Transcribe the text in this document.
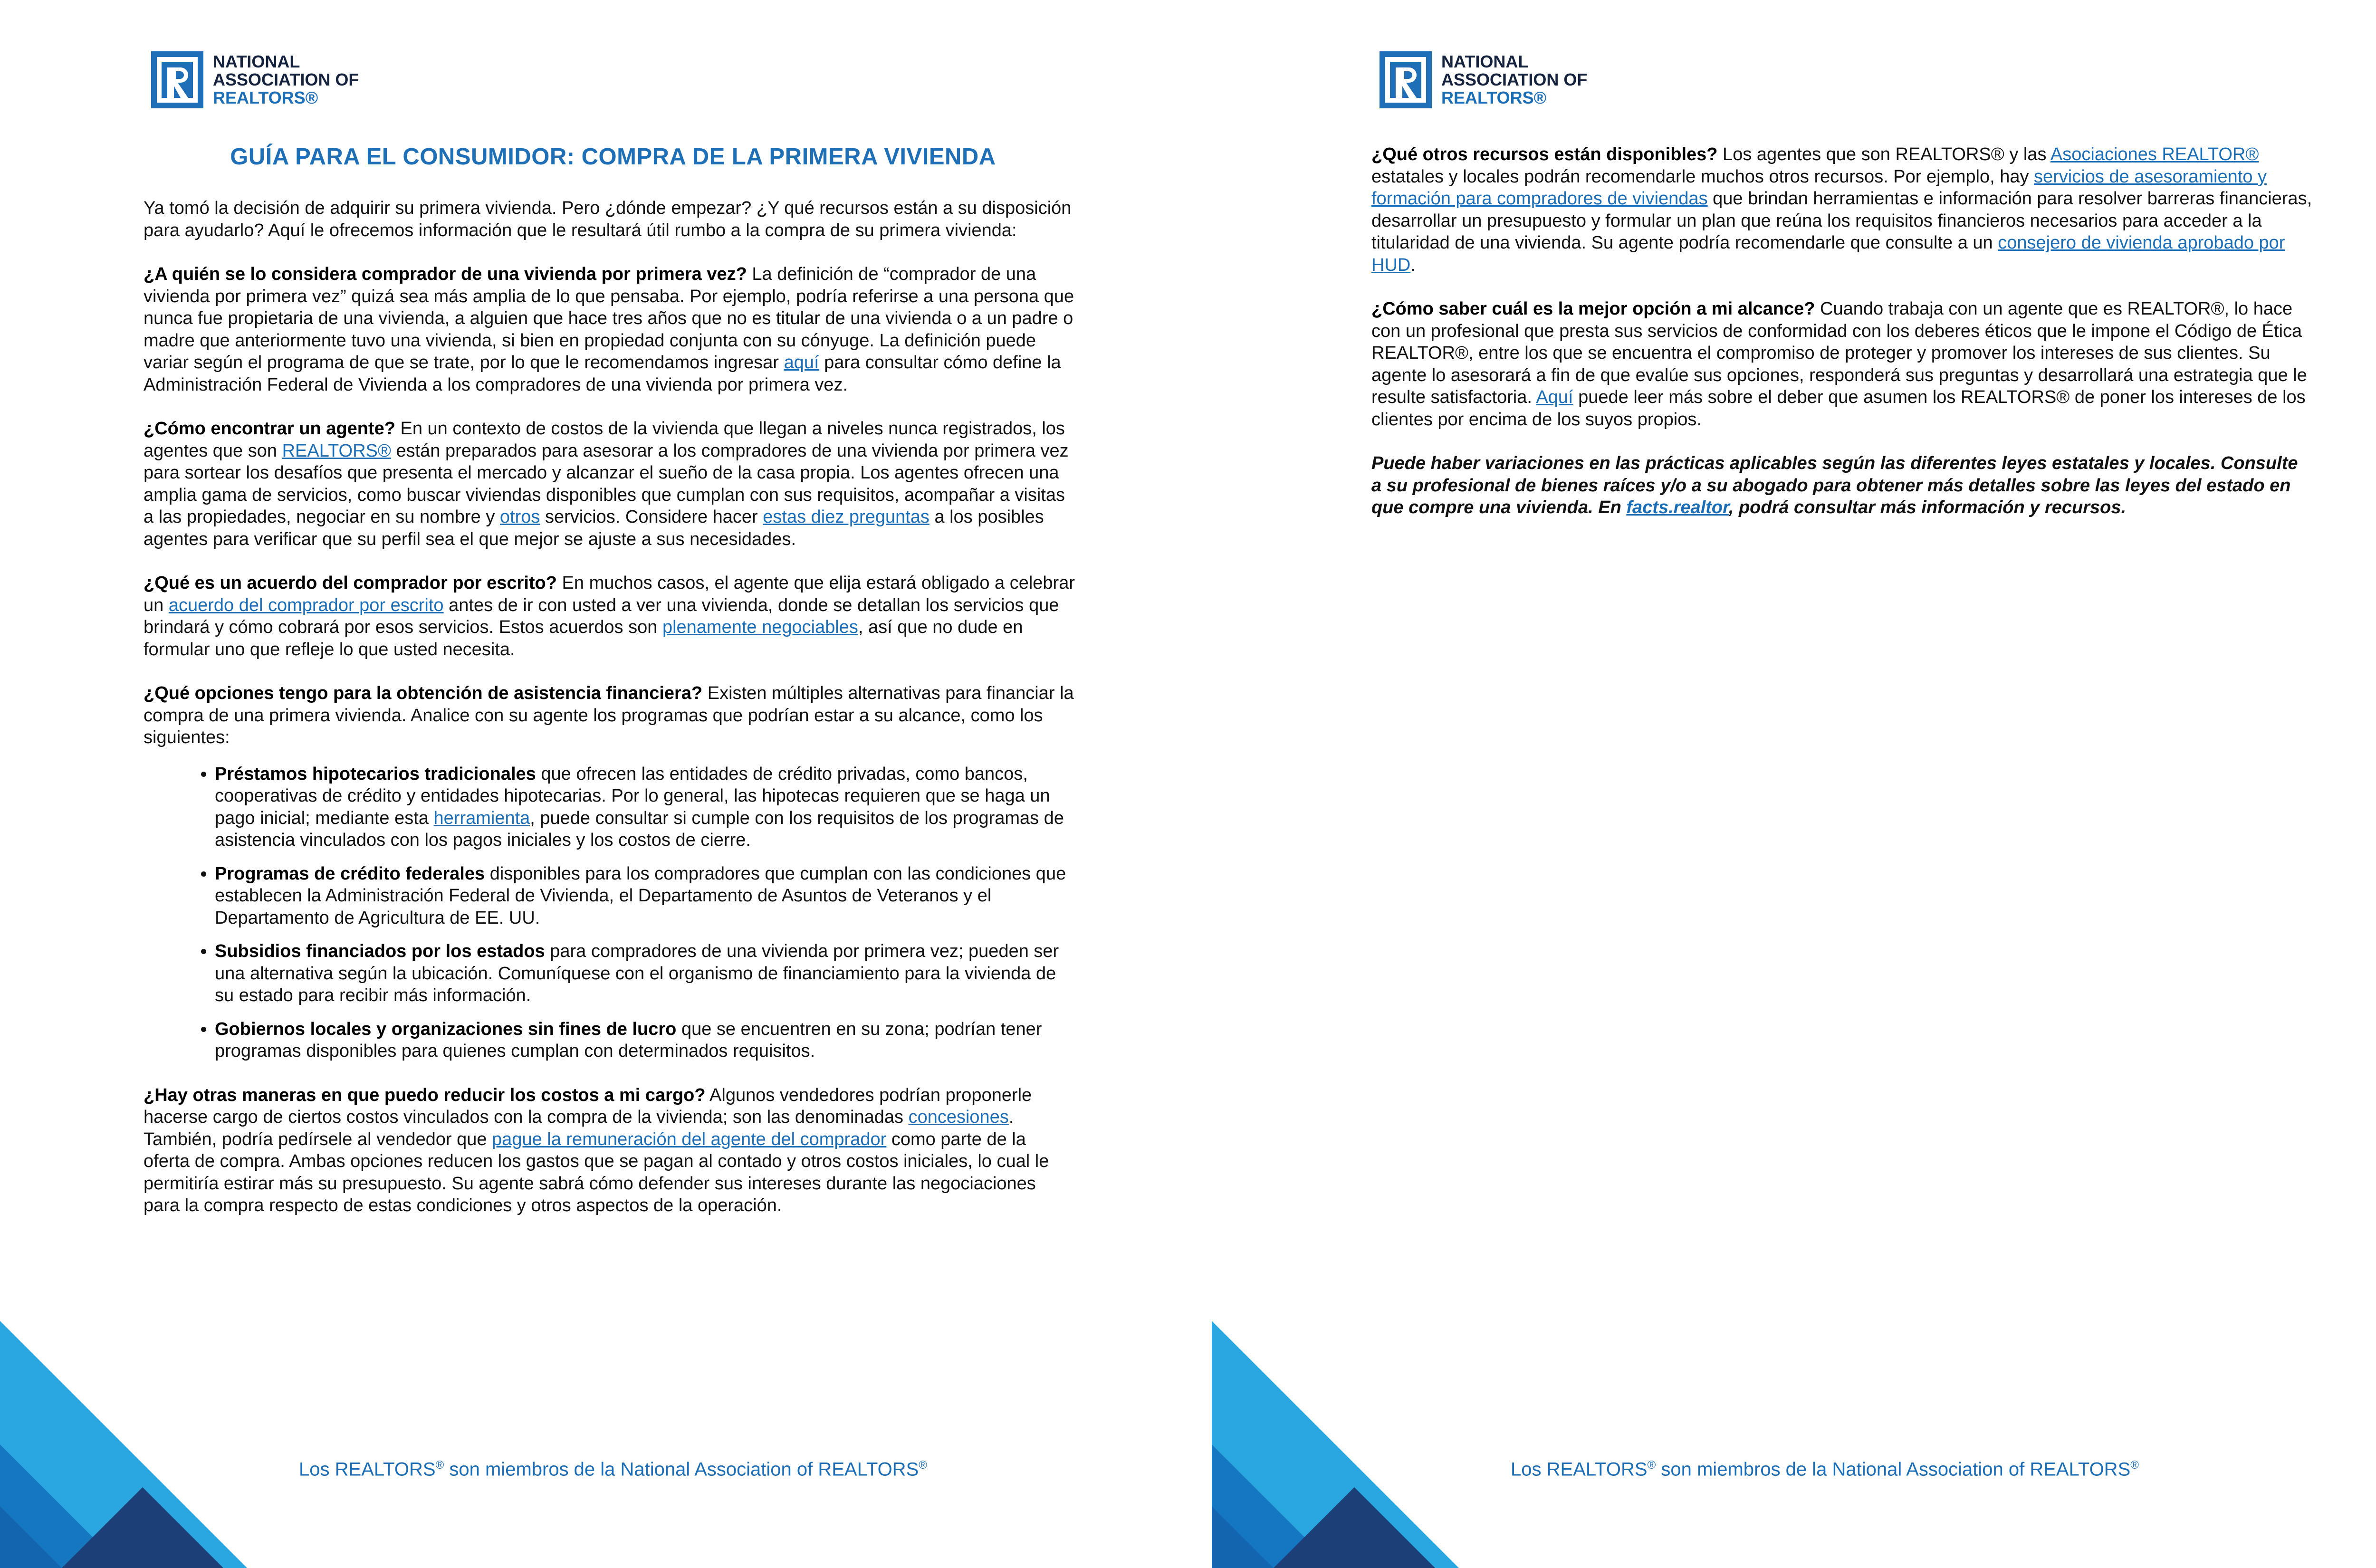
NATIONAL
ASSOCIATION OF
REALTORS®
GUÍA PARA EL CONSUMIDOR: COMPRA DE LA PRIMERA VIVIENDA

Ya tomó la decisión de adquirir su primera vivienda. Pero ¿dónde empezar? ¿Y qué recursos están a su disposición para ayudarlo? Aquí le ofrecemos información que le resultará útil rumbo a la compra de su primera vivienda:

¿A quién se lo considera comprador de una vivienda por primera vez? La definición de “comprador de una vivienda por primera vez” quizá sea más amplia de lo que pensaba. Por ejemplo, podría referirse a una persona que nunca fue propietaria de una vivienda, a alguien que hace tres años que no es titular de una vivienda o a un padre o madre que anteriormente tuvo una vivienda, si bien en propiedad conjunta con su cónyuge. La definición puede variar según el programa de que se trate, por lo que le recomendamos ingresar aquí para consultar cómo define la Administración Federal de Vivienda a los compradores de una vivienda por primera vez.

¿Cómo encontrar un agente? En un contexto de costos de la vivienda que llegan a niveles nunca registrados, los agentes que son REALTORS® están preparados para asesorar a los compradores de una vivienda por primera vez para sortear los desafíos que presenta el mercado y alcanzar el sueño de la casa propia. Los agentes ofrecen una amplia gama de servicios, como buscar viviendas disponibles que cumplan con sus requisitos, acompañar a visitas a las propiedades, negociar en su nombre y otros servicios. Considere hacer estas diez preguntas a los posibles agentes para verificar que su perfil sea el que mejor se ajuste a sus necesidades.

¿Qué es un acuerdo del comprador por escrito? En muchos casos, el agente que elija estará obligado a celebrar un acuerdo del comprador por escrito antes de ir con usted a ver una vivienda, donde se detallan los servicios que brindará y cómo cobrará por esos servicios. Estos acuerdos son plenamente negociables, así que no dude en formular uno que refleje lo que usted necesita.

¿Qué opciones tengo para la obtención de asistencia financiera? Existen múltiples alternativas para financiar la compra de una primera vivienda. Analice con su agente los programas que podrían estar a su alcance, como los siguientes:

• Préstamos hipotecarios tradicionales que ofrecen las entidades de crédito privadas, como bancos, cooperativas de crédito y entidades hipotecarias. Por lo general, las hipotecas requieren que se haga un pago inicial; mediante esta herramienta, puede consultar si cumple con los requisitos de los programas de asistencia vinculados con los pagos iniciales y los costos de cierre.
• Programas de crédito federales disponibles para los compradores que cumplan con las condiciones que establecen la Administración Federal de Vivienda, el Departamento de Asuntos de Veteranos y el Departamento de Agricultura de EE. UU.
• Subsidios financiados por los estados para compradores de una vivienda por primera vez; pueden ser una alternativa según la ubicación. Comuníquese con el organismo de financiamiento para la vivienda de su estado para recibir más información.
• Gobiernos locales y organizaciones sin fines de lucro que se encuentren en su zona; podrían tener programas disponibles para quienes cumplan con determinados requisitos.

¿Hay otras maneras en que puedo reducir los costos a mi cargo? Algunos vendedores podrían proponerle hacerse cargo de ciertos costos vinculados con la compra de la vivienda; son las denominadas concesiones. También, podría pedírsele al vendedor que pague la remuneración del agente del comprador como parte de la oferta de compra. Ambas opciones reducen los gastos que se pagan al contado y otros costos iniciales, lo cual le permitiría estirar más su presupuesto. Su agente sabrá cómo defender sus intereses durante las negociaciones para la compra respecto de estas condiciones y otros aspectos de la operación.

Los REALTORS® son miembros de la National Association of REALTORS®
NATIONAL
ASSOCIATION OF
REALTORS®

¿Qué otros recursos están disponibles? Los agentes que son REALTORS® y las Asociaciones REALTOR® estatales y locales podrán recomendarle muchos otros recursos. Por ejemplo, hay servicios de asesoramiento y formación para compradores de viviendas que brindan herramientas e información para resolver barreras financieras, desarrollar un presupuesto y formular un plan que reúna los requisitos financieros necesarios para acceder a la titularidad de una vivienda. Su agente podría recomendarle que consulte a un consejero de vivienda aprobado por HUD.

¿Cómo saber cuál es la mejor opción a mi alcance? Cuando trabaja con un agente que es REALTOR®, lo hace con un profesional que presta sus servicios de conformidad con los deberes éticos que le impone el Código de Ética REALTOR®, entre los que se encuentra el compromiso de proteger y promover los intereses de sus clientes. Su agente lo asesorará a fin de que evalúe sus opciones, responderá sus preguntas y desarrollará una estrategia que le resulte satisfactoria. Aquí puede leer más sobre el deber que asumen los REALTORS® de poner los intereses de los clientes por encima de los suyos propios.

Puede haber variaciones en las prácticas aplicables según las diferentes leyes estatales y locales. Consulte a su profesional de bienes raíces y/o a su abogado para obtener más detalles sobre las leyes del estado en que compre una vivienda. En facts.realtor, podrá consultar más información y recursos.

Los REALTORS® son miembros de la National Association of REALTORS®
